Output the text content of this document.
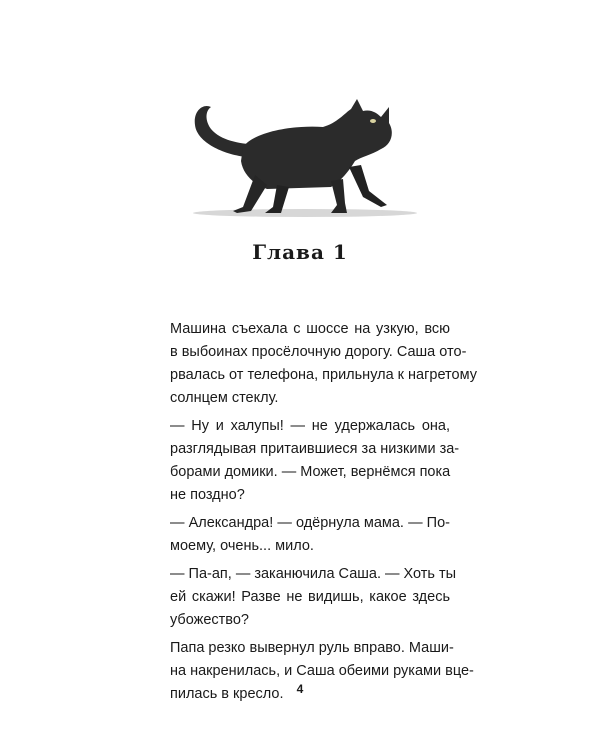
Глава 1

Машина съехала с шоссе на узкую, всю
в выбоинах просёлочную дорогу. Саша ото-
рвалась от телефона, прильнула к нагретому
солнцем стеклу.

— Ну и халупы! — не удержалась она,
разглядывая притаившиеся за низкими за-
борами домики. — Может, вернёмся пока
не поздно?

— Александра! — одёрнула мама. — По-
моему, очень... мило.

— Па-ап, — заканючила Саша. — Хоть ты
ей скажи! Разве не видишь, какое здесь
убожество?

Папа резко вывернул руль вправо. Маши-
на накренилась, и Саша обеими руками вце-
пилась в кресло.	4
